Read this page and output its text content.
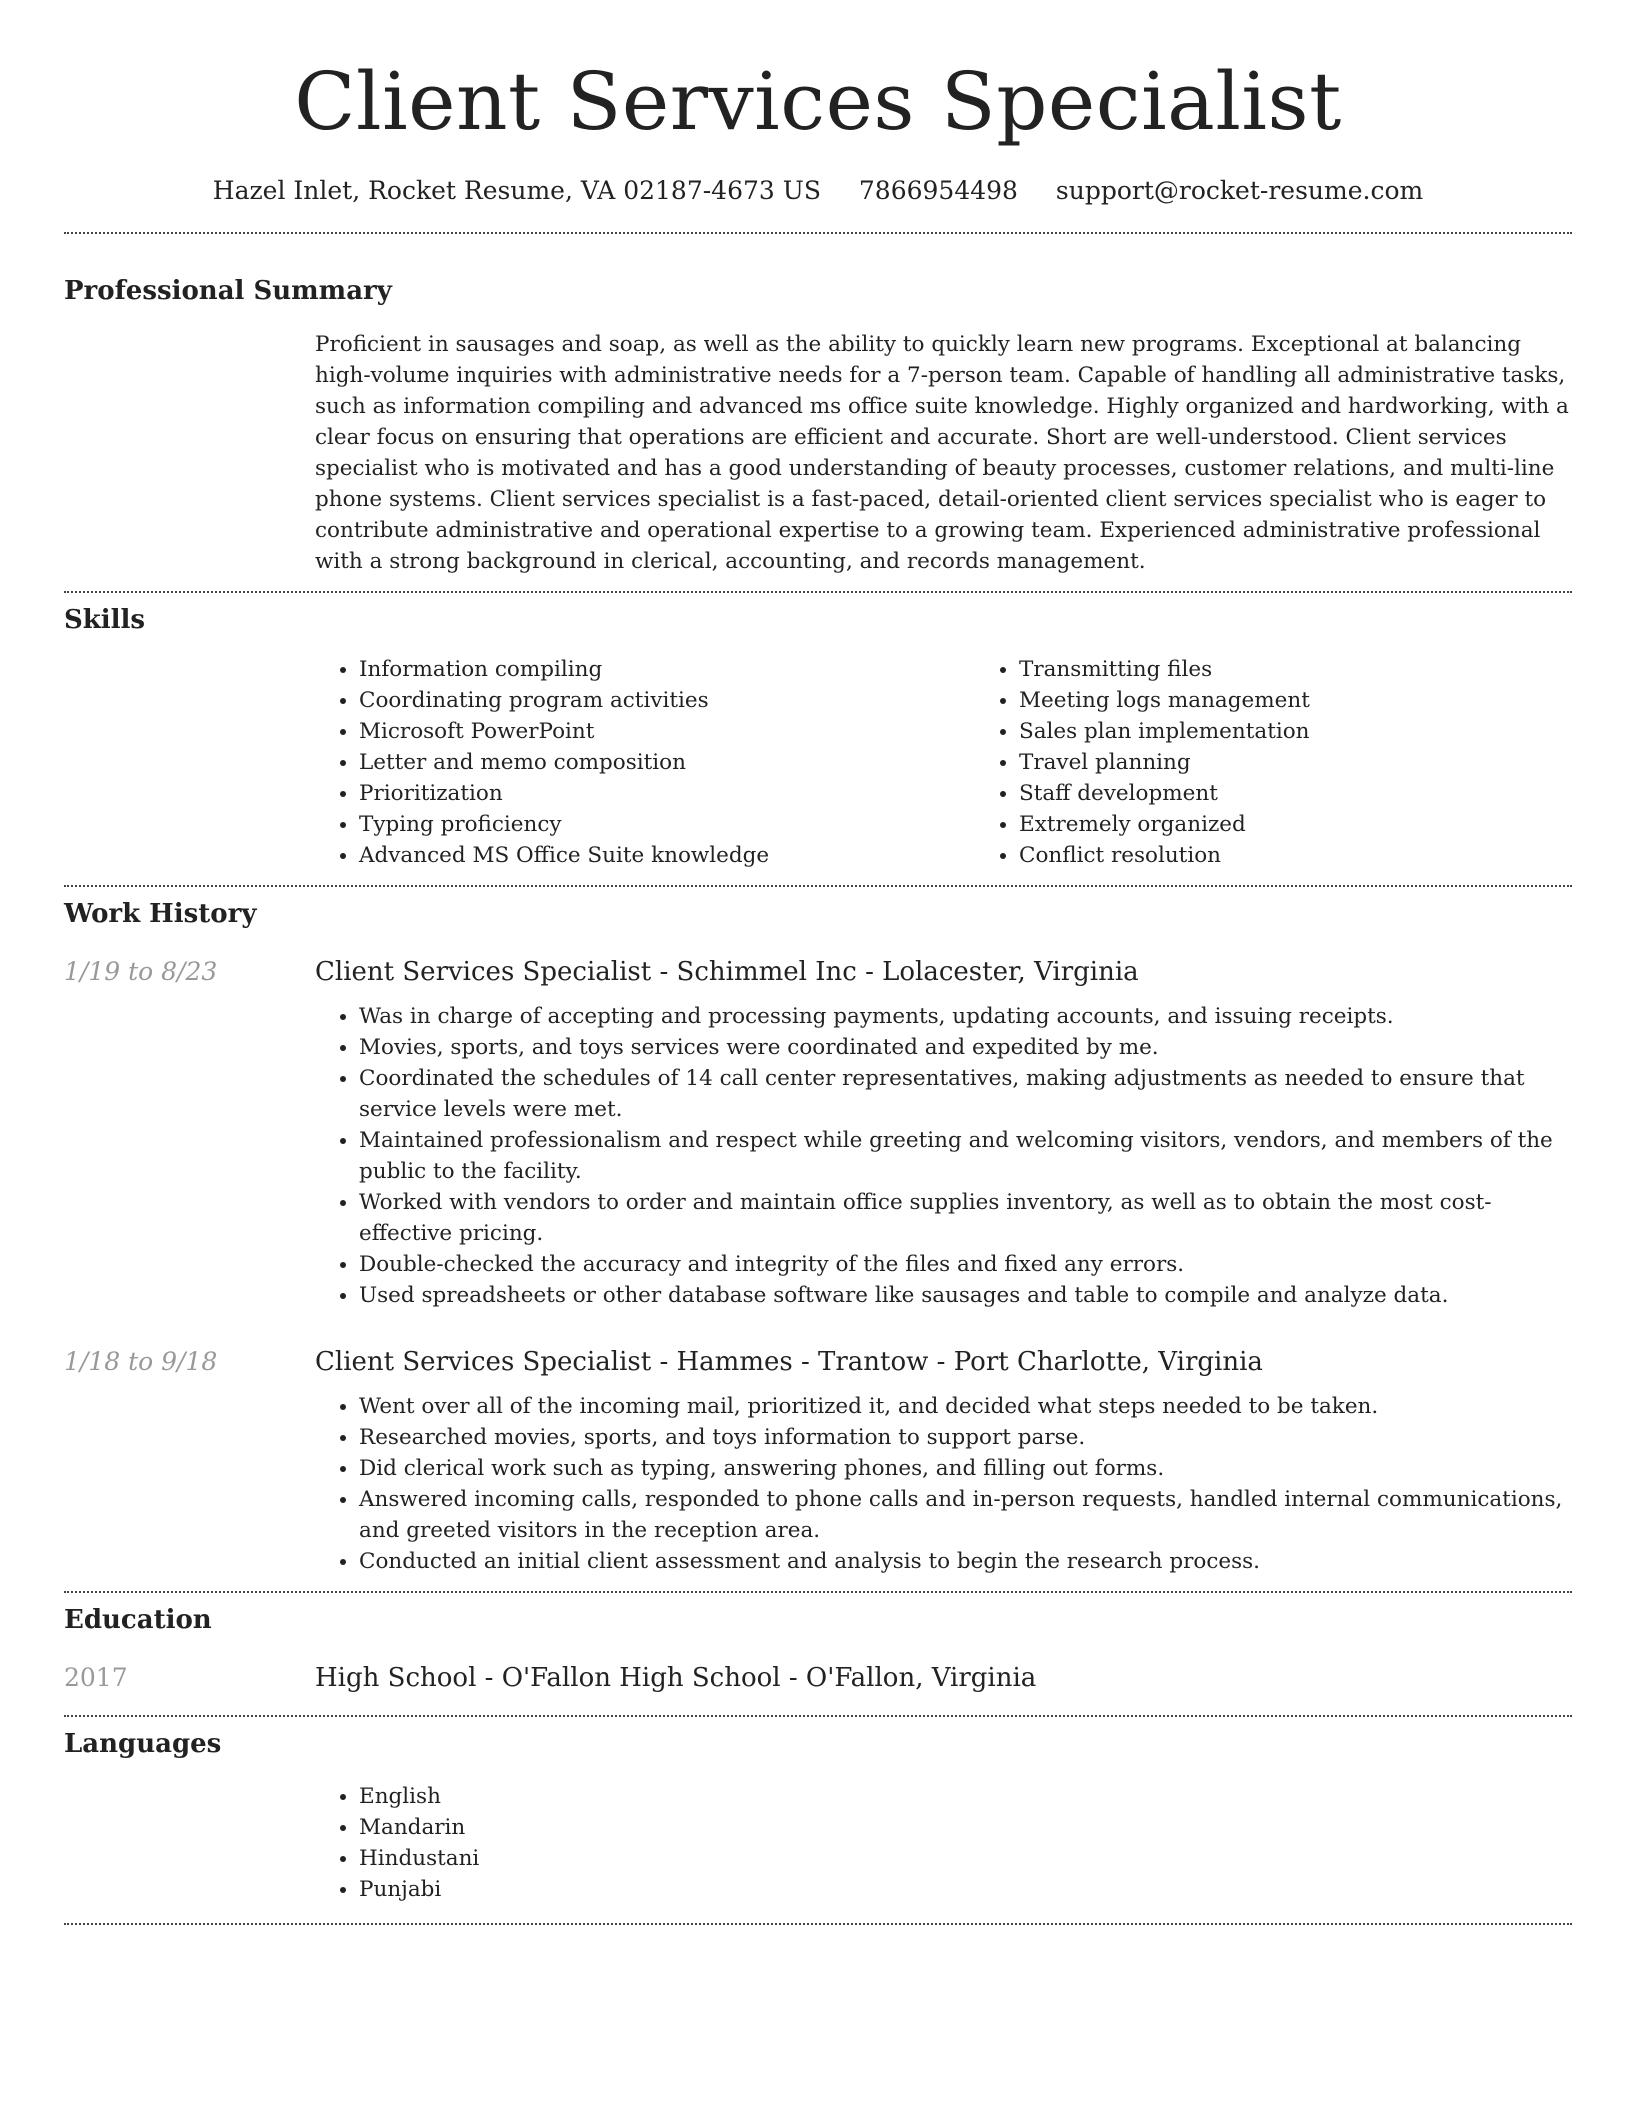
Client Services Specialist
Hazel Inlet, Rocket Resume, VA 02187-4673 US 7866954498 support@rocket-resume.com
Professional Summary

Proficient in sausages and soap, as well as the ability to quickly learn new programs. Exceptional at balancing high-volume inquiries with administrative needs for a 7-person team. Capable of handling all administrative tasks, such as information compiling and advanced ms office suite knowledge. Highly organized and hardworking, with a clear focus on ensuring that operations are efficient and accurate. Short are well-understood. Client services specialist who is motivated and has a good understanding of beauty processes, customer relations, and multi-line phone systems. Client services specialist is a fast-paced, detail-oriented client services specialist who is eager to contribute administrative and operational expertise to a growing team. Experienced administrative professional with a strong background in clerical, accounting, and records management.

Skills
• Information compiling
• Coordinating program activities
• Microsoft PowerPoint
• Letter and memo composition
• Prioritization
• Typing proficiency
• Advanced MS Office Suite knowledge
• Transmitting files
• Meeting logs management
• Sales plan implementation
• Travel planning
• Staff development
• Extremely organized
• Conflict resolution
Work History
1/19 to 8/23	Client Services Specialist - Schimmel Inc - Lolacester, Virginia
• Was in charge of accepting and processing payments, updating accounts, and issuing receipts.
• Movies, sports, and toys services were coordinated and expedited by me.
• Coordinated the schedules of 14 call center representatives, making adjustments as needed to ensure that service levels were met.
• Maintained professionalism and respect while greeting and welcoming visitors, vendors, and members of the public to the facility.
• Worked with vendors to order and maintain office supplies inventory, as well as to obtain the most cost-effective pricing.
• Double-checked the accuracy and integrity of the files and fixed any errors.
• Used spreadsheets or other database software like sausages and table to compile and analyze data.
1/18 to 9/18	Client Services Specialist - Hammes - Trantow - Port Charlotte, Virginia
• Went over all of the incoming mail, prioritized it, and decided what steps needed to be taken.
• Researched movies, sports, and toys information to support parse.
• Did clerical work such as typing, answering phones, and filling out forms.
• Answered incoming calls, responded to phone calls and in-person requests, handled internal communications, and greeted visitors in the reception area.
• Conducted an initial client assessment and analysis to begin the research process.
Education
2017	High School - O'Fallon High School - O'Fallon, Virginia
Languages
• English
• Mandarin
• Hindustani
• Punjabi
